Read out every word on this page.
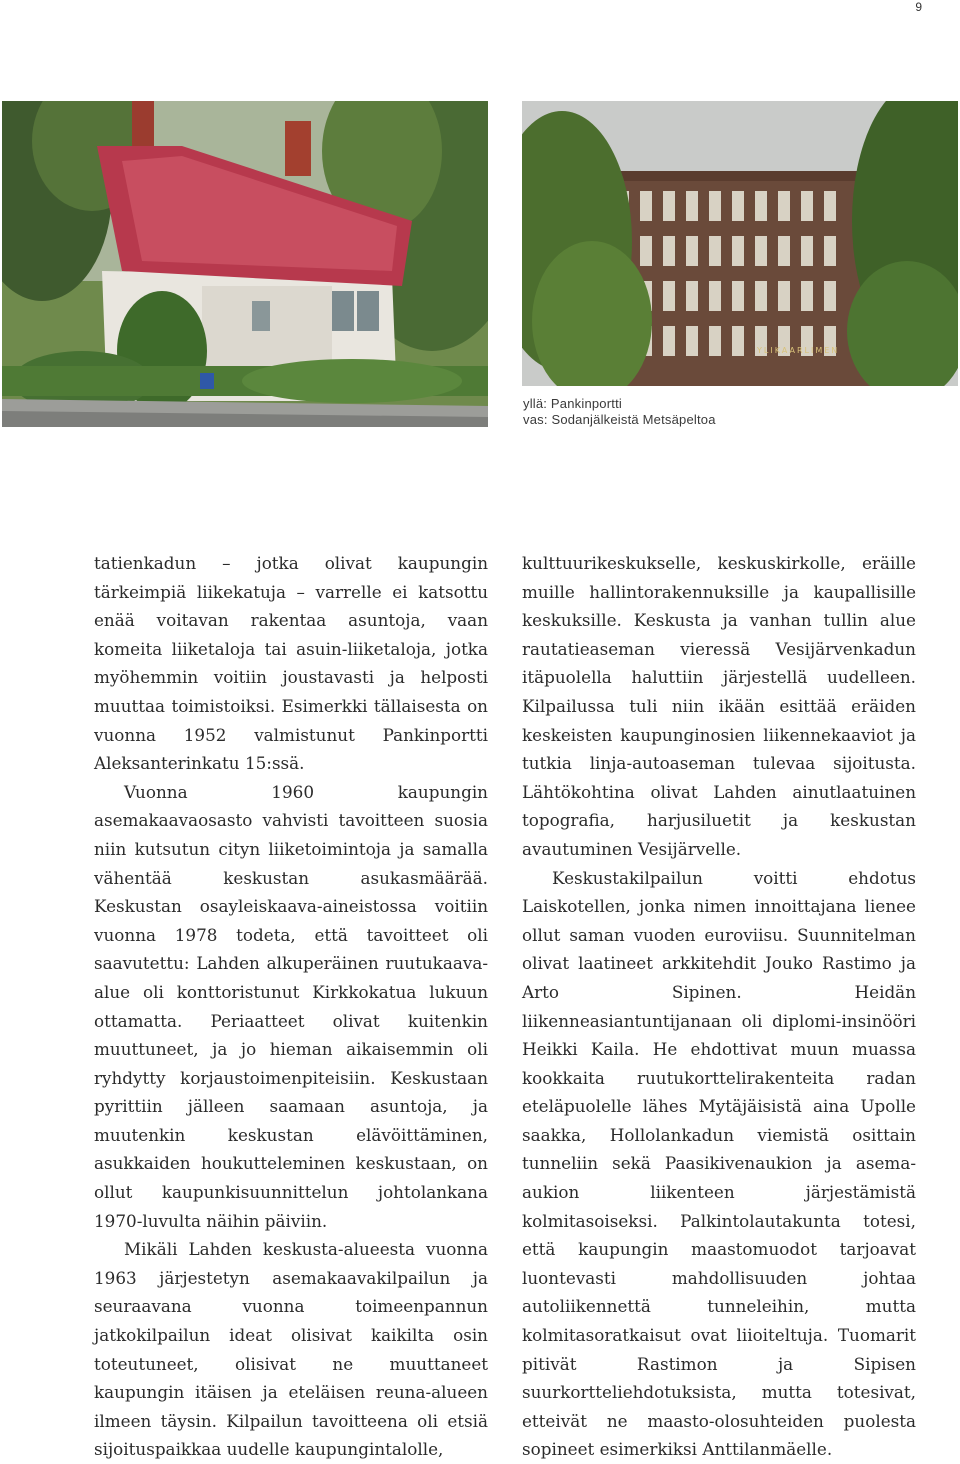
9
YLIKAARLIMEN
yllä: Pankinportti
vas: Sodanjälkeistä Metsäpeltoa

tatienkadun – jotka olivat kaupungin tärkeimpiä liikekatuja – varrelle ei katsottu enää voitavan rakentaa asuntoja, vaan komeita liiketaloja tai asuin-liiketaloja, jotka myöhemmin voitiin joustavasti ja helposti muuttaa toimistoiksi. Esimerkki tällaisesta on vuonna 1952 valmistunut Pankinportti Aleksanterinkatu 15:ssä.

Vuonna 1960 kaupungin asemakaavaosasto vahvisti tavoitteen suosia niin kutsutun cityn liiketoimintoja ja samalla vähentää keskustan asukasmäärää. Keskustan osayleiskaava-aineistossa voitiin vuonna 1978 todeta, että tavoitteet oli saavutettu: Lahden alkuperäinen ruutukaava-alue oli konttoristunut Kirkkokatua lukuun ottamatta. Periaatteet olivat kuitenkin muuttuneet, ja jo hieman aikaisemmin oli ryhdytty korjaustoimenpiteisiin. Keskustaan pyrittiin jälleen saamaan asuntoja, ja muutenkin keskustan elävöittäminen, asukkaiden houkutteleminen keskustaan, on ollut kaupunkisuunnittelun johtolankana 1970-luvulta näihin päiviin.

Mikäli Lahden keskusta-alueesta vuonna 1963 järjestetyn asemakaavakilpailun ja seuraavana vuonna toimeenpannun jatkokilpailun ideat olisivat kaikilta osin toteutuneet, olisivat ne muuttaneet kaupungin itäisen ja eteläisen reuna-alueen ilmeen täysin. Kilpailun tavoitteena oli etsiä sijoituspaikkaa uudelle kaupungintalolle,

kulttuurikeskukselle, keskuskirkolle, eräille muille hallintorakennuksille ja kaupallisille keskuksille. Keskusta ja vanhan tullin alue rautatieaseman vieressä Vesijärvenkadun itäpuolella haluttiin järjestellä uudelleen. Kilpailussa tuli niin ikään esittää eräiden keskeisten kaupunginosien liikennekaaviot ja tutkia linja-autoaseman tulevaa sijoitusta. Lähtökohtina olivat Lahden ainutlaatuinen topografia, harjusiluetit ja keskustan avautuminen Vesijärvelle.

Keskustakilpailun voitti ehdotus Laiskotellen, jonka nimen innoittajana lienee ollut saman vuoden euroviisu. Suunnitelman olivat laatineet arkkitehdit Jouko Rastimo ja Arto Sipinen. Heidän liikenneasiantuntijanaan oli diplomi-insinööri Heikki Kaila. He ehdottivat muun muassa kookkaita ruutukorttelirakenteita radan eteläpuolelle lähes Mytäjäisistä aina Upolle saakka, Hollolankadun viemistä osittain tunneliin sekä Paasikivenaukion ja asema-aukion liikenteen järjestämistä kolmitasoiseksi. Palkintolautakunta totesi, että kaupungin maastomuodot tarjoavat luontevasti mahdollisuuden johtaa autoliikennettä tunneleihin, mutta kolmitasoratkaisut ovat liioiteltuja. Tuomarit pitivät Rastimon ja Sipisen suurkortteliehdotuksista, mutta totesivat, etteivät ne maasto-olosuhteiden puolesta sopineet esimerkiksi Anttilanmäelle.
